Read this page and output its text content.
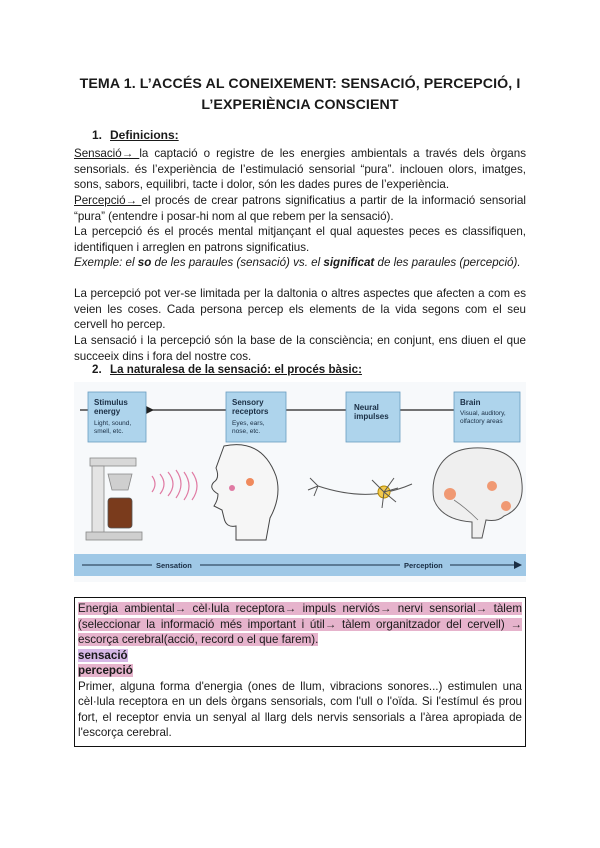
TEMA 1. L’ACCÉS AL CONEIXEMENT: SENSACIÓ, PERCEPCIÓ, I L’EXPERIÈNCIA CONSCIENT
1. Definicions:
Sensació→ la captació o registre de les energies ambientals a través dels òrgans sensorials. és l’experiència de l’estimulació sensorial “pura”. inclouen olors, imatges, sons, sabors, equilibri, tacte i dolor, són les dades pures de l’experiència.
Percepció→ el procés de crear patrons significatius a partir de la informació sensorial “pura” (entendre i posar-hi nom al que rebem per la sensació).
La percepció és el procés mental mitjançant el qual aquestes peces es classifiquen, identifiquen i arreglen en patrons significatius.
Exemple: el so de les paraules (sensació) vs. el significat de les paraules (percepció).
La percepció pot ver-se limitada per la daltonia o altres aspectes que afecten a com es veien les coses. Cada persona percep els elements de la vida segons com el seu cervell ho percep.
La sensació i la percepció són la base de la consciència; en conjunt, ens diuen el que succeeix dins i fora del nostre cos.
2. La naturalesa de la sensació: el procés bàsic:
Stimulus energy
Light, sound, smell, etc.
Sensory receptors
Eyes, ears, nose, etc.
Neural impulses
Brain
Visual, auditory, olfactory areas
Sensation	Perception
Energia ambiental→ cèl·lula receptora→ impuls nerviós→ nervi sensorial→ tàlem (seleccionar la informació més important i útil→ tàlem organitzador del cervell) → escorça cerebral(acció, record o el que farem).
sensació
percepció
Primer, alguna forma d'energia (ones de llum, vibracions sonores...) estimulen una cèl·lula receptora en un dels òrgans sensorials, com l'ull o l'oïda. Si l'estímul és prou fort, el receptor envia un senyal al llarg dels nervis sensorials a l'àrea apropiada de l'escorça cerebral.
